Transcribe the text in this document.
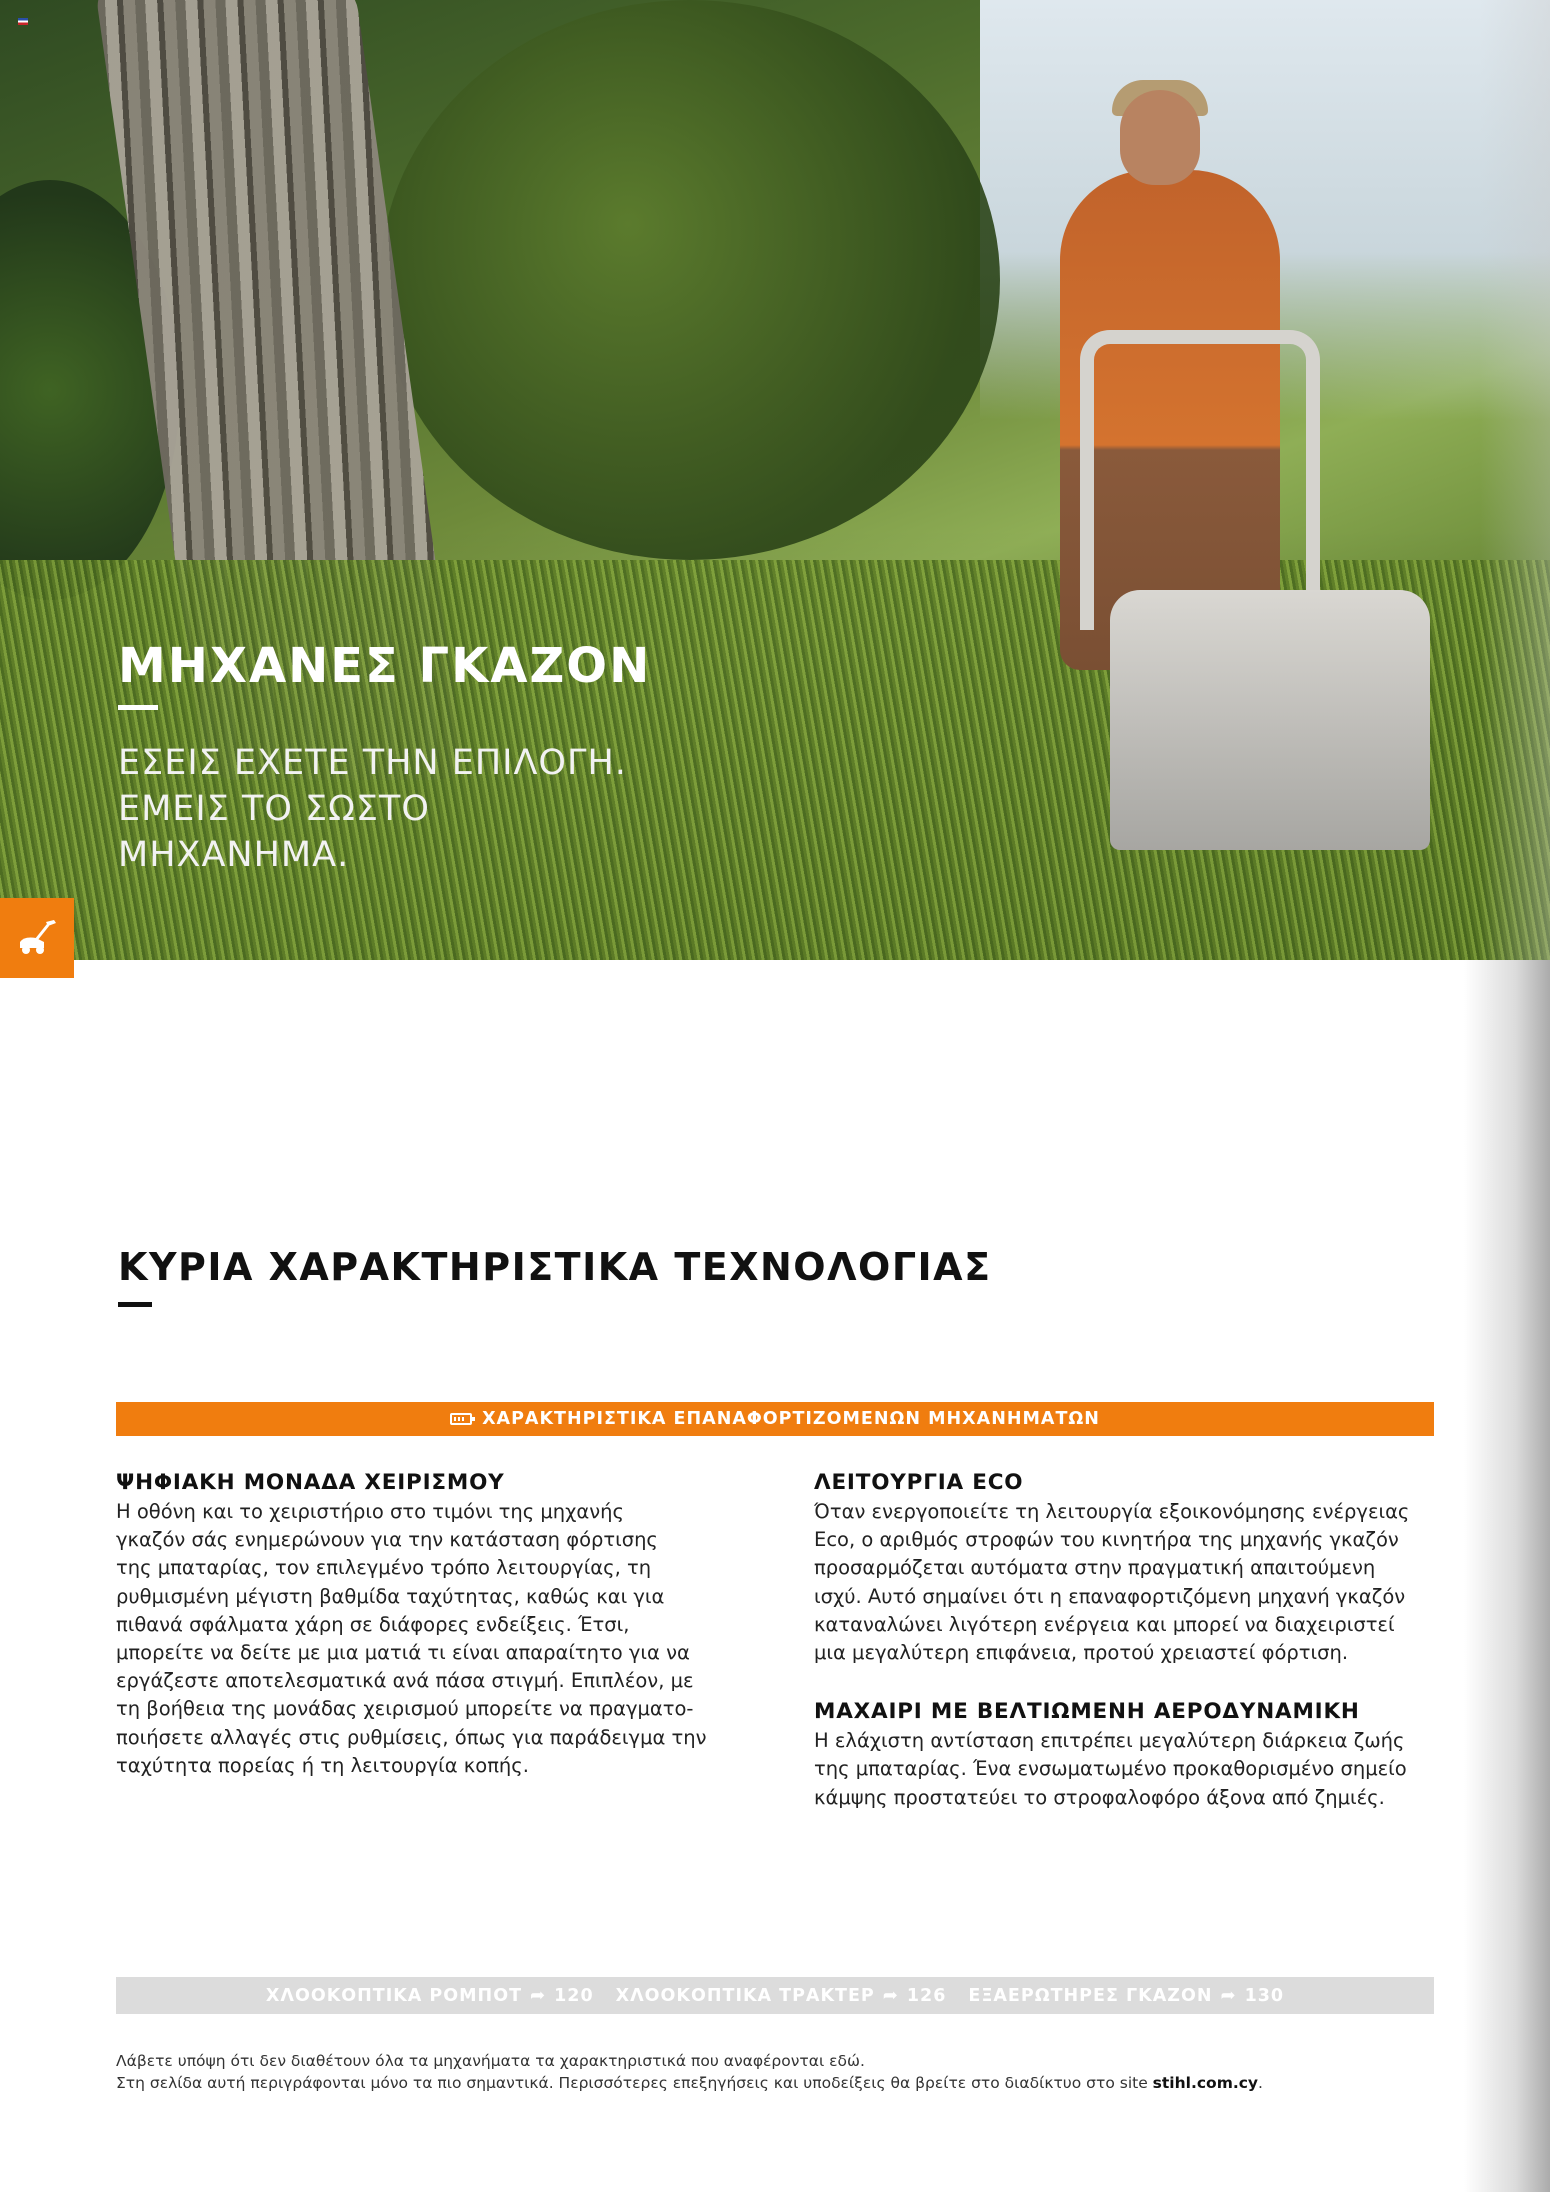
ΜΗΧΑΝΕΣ ΓΚΑΖΟΝ
ΕΣΕΙΣ ΕΧΕΤΕ ΤΗΝ ΕΠΙΛΟΓΗ.
ΕΜΕΙΣ ΤΟ ΣΩΣΤΟ
ΜΗΧΑΝΗΜΑ.
ΚΥΡΙΑ ΧΑΡΑΚΤΗΡΙΣΤΙΚΑ ΤΕΧΝΟΛΟΓΙΑΣ
ΧΑΡΑΚΤΗΡΙΣΤΙΚΑ ΕΠΑΝΑΦΟΡΤΙΖΟΜΕΝΩΝ ΜΗΧΑΝΗΜΑΤΩΝ
ΨΗΦΙΑΚΗ ΜΟΝΑΔΑ ΧΕΙΡΙΣΜΟΥ

Η οθόνη και το χειριστήριο στο τιμόνι της μηχανής
γκαζόν σάς ενημερώνουν για την κατάσταση φόρτισης
της μπαταρίας, τον επιλεγμένο τρόπο λειτουργίας, τη
ρυθμισμένη μέγιστη βαθμίδα ταχύτητας, καθώς και για
πιθανά σφάλματα χάρη σε διάφορες ενδείξεις. Έτσι,
μπορείτε να δείτε με μια ματιά τι είναι απαραίτητο για να
εργάζεστε αποτελεσματικά ανά πάσα στιγμή. Επιπλέον, με
τη βοήθεια της μονάδας χειρισμού μπορείτε να πραγματο-
ποιήσετε αλλαγές στις ρυθμίσεις, όπως για παράδειγμα την
ταχύτητα πορείας ή τη λειτουργία κοπής.

ΛΕΙΤΟΥΡΓΙΑ ECO

Όταν ενεργοποιείτε τη λειτουργία εξοικονόμησης ενέργειας
Eco, ο αριθμός στροφών του κινητήρα της μηχανής γκαζόν
προσαρμόζεται αυτόματα στην πραγματική απαιτούμενη
ισχύ. Αυτό σημαίνει ότι η επαναφορτιζόμενη μηχανή γκαζόν
καταναλώνει λιγότερη ενέργεια και μπορεί να διαχειριστεί
μια μεγαλύτερη επιφάνεια, προτού χρειαστεί φόρτιση.

ΜΑΧΑΙΡΙ ΜΕ ΒΕΛΤΙΩΜΕΝΗ ΑΕΡΟΔΥΝΑΜΙΚΗ

Η ελάχιστη αντίσταση επιτρέπει μεγαλύτερη διάρκεια ζωής
της μπαταρίας. Ένα ενσωματωμένο προκαθορισμένο σημείο
κάμψης προστατεύει το στροφαλοφόρο άξονα από ζημιές.

ΧΛΟΟΚΟΠΤΙΚΑ ΡΟΜΠΟΤ ➦ 120 ΧΛΟΟΚΟΠΤΙΚΑ ΤΡΑΚΤΕΡ ➦ 126 ΕΞΑΕΡΩΤΗΡΕΣ ΓΚΑΖΟΝ ➦ 130
Λάβετε υπόψη ότι δεν διαθέτουν όλα τα μηχανήματα τα χαρακτηριστικά που αναφέρονται εδώ.
Στη σελίδα αυτή περιγράφονται μόνο τα πιο σημαντικά. Περισσότερες επεξηγήσεις και υποδείξεις θα βρείτε στο διαδίκτυο στο site stihl.com.cy.
